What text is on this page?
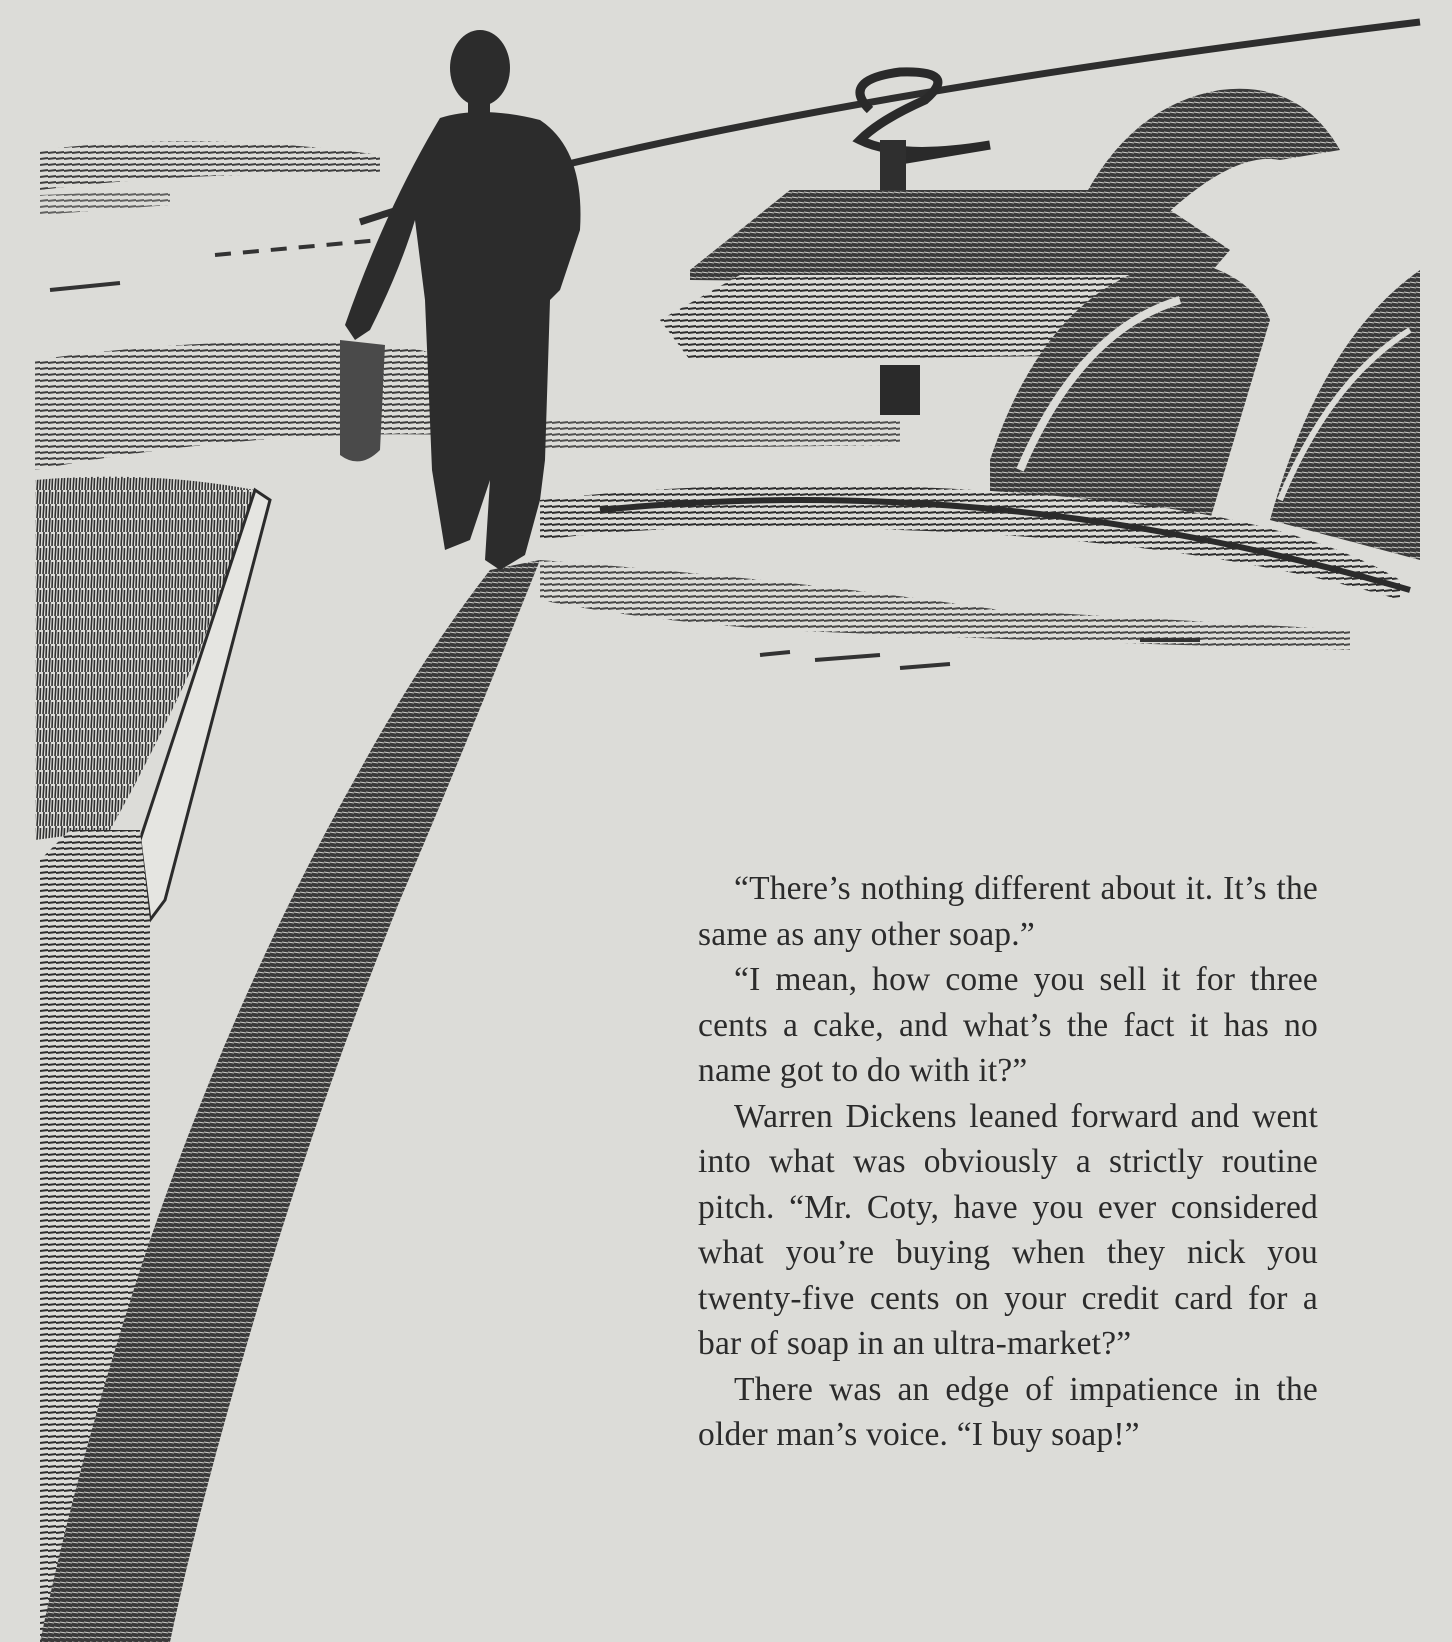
“There’s nothing different about it. It’s the same as any other soap.”

“I mean, how come you sell it for three cents a cake, and what’s the fact it has no name got to do with it?”

Warren Dickens leaned forward and went into what was obviously a strictly routine pitch. “Mr. Coty, have you ever considered what you’re buying when they nick you twenty-five cents on your credit card for a bar of soap in an ultra-market?”

There was an edge of impatience in the older man’s voice. “I buy soap!”
